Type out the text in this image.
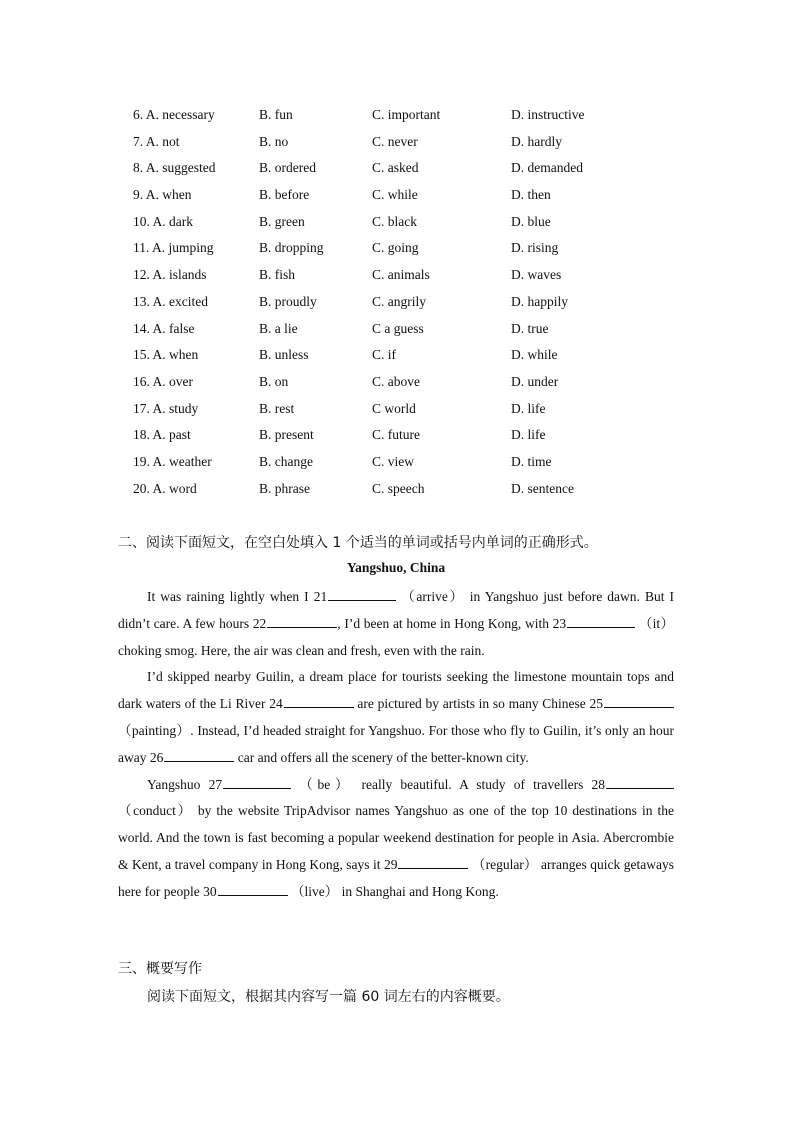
6. A. necessary	B. fun	C. important	D. instructive
7. A. not	B. no	C. never	D. hardly
8. A. suggested	B. ordered	C. asked	D. demanded
9. A. when	B. before	C. while	D. then
10. A. dark	B. green	C. black	D. blue
11. A. jumping	B. dropping	C. going	D. rising
12. A. islands	B. fish	C. animals	D. waves
13. A. excited	B. proudly	C. angrily	D. happily
14. A. false	B. a lie	C a guess	D. true
15. A. when	B. unless	C. if	D. while
16. A. over	B. on	C. above	D. under
17. A. study	B. rest	C world	D. life
18. A. past	B. present	C. future	D. life
19. A. weather	B. change	C. view	D. time
20. A. word	B. phrase	C. speech	D. sentence
二、阅读下面短文，在空白处填入 1 个适当的单词或括号内单词的正确形式。
Yangshuo, China

It was raining lightly when I 21	（arrive） in Yangshuo just before dawn. But I didn’t care. A few hours 22	, I’d been at home in Hong Kong, with 23	（it） choking smog. Here, the air was clean and fresh, even with the rain.

I’d skipped nearby Guilin, a dream place for tourists seeking the limestone mountain tops and dark waters of the Li River 24	are pictured by artists in so many Chinese 25 （painting）. Instead, I’d headed straight for Yangshuo. For those who fly to Guilin, it’s only an hour away 26	car and offers all the scenery of the better-known city.

Yangshuo 27	（be） really beautiful. A study of travellers 28 （conduct） by the website TripAdvisor names Yangshuo as one of the top 10 destinations in the world. And the town is fast becoming a popular weekend destination for people in Asia. Abercrombie & Kent, a travel company in Hong Kong, says it 29	（regular） arranges quick getaways here for people 30	（live） in Shanghai and Hong Kong.

三、概要写作
阅读下面短文，根据其内容写一篇 60 词左右的内容概要。
